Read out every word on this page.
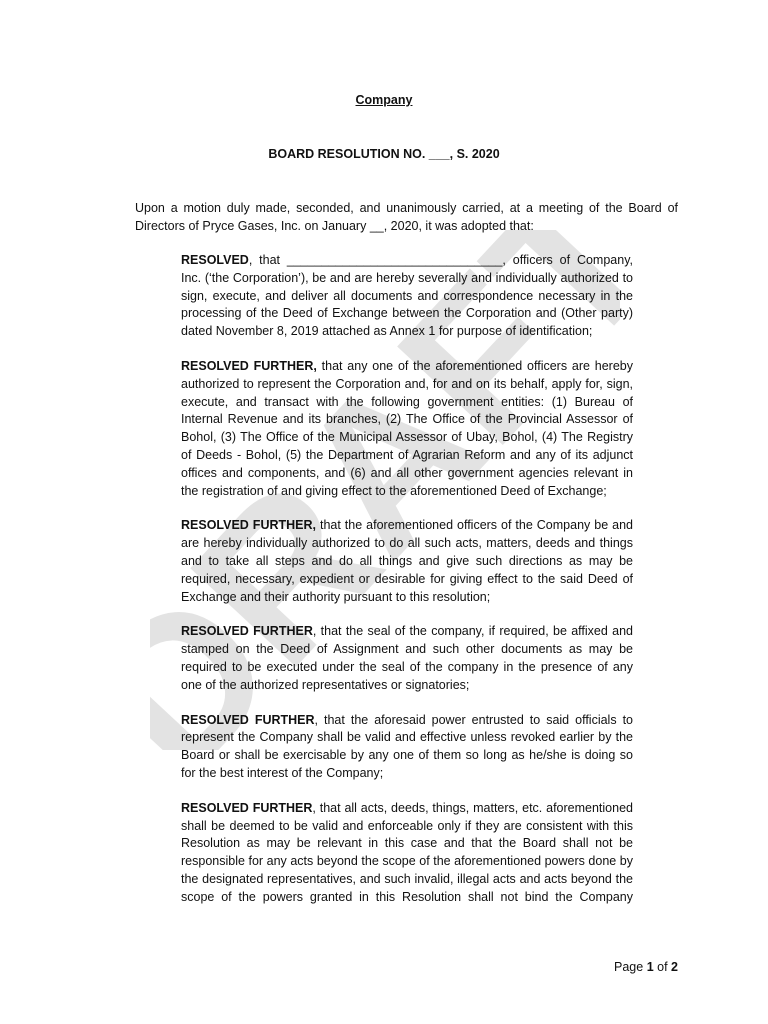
DRAFT
Company
BOARD RESOLUTION NO. ___, S. 2020
Upon a motion duly made, seconded, and unanimously carried, at a meeting of the Board of Directors of Pryce Gases, Inc. on January __, 2020, it was adopted that:

RESOLVED, that _______________________________, officers of Company, Inc. (‘the Corporation’), be and are hereby severally and individually authorized to sign, execute, and deliver all documents and correspondence necessary in the processing of the Deed of Exchange between the Corporation and (Other party) dated November 8, 2019 attached as Annex 1 for purpose of identification;

RESOLVED FURTHER, that any one of the aforementioned officers are hereby authorized to represent the Corporation and, for and on its behalf, apply for, sign, execute, and transact with the following government entities: (1) Bureau of Internal Revenue and its branches, (2) The Office of the Provincial Assessor of Bohol, (3) The Office of the Municipal Assessor of Ubay, Bohol, (4) The Registry of Deeds - Bohol, (5) the Department of Agrarian Reform and any of its adjunct offices and components, and (6) and all other government agencies relevant in the registration of and giving effect to the aforementioned Deed of Exchange;

RESOLVED FURTHER, that the aforementioned officers of the Company be and are hereby individually authorized to do all such acts, matters, deeds and things and to take all steps and do all things and give such directions as may be required, necessary, expedient or desirable for giving effect to the said Deed of Exchange and their authority pursuant to this resolution;

RESOLVED FURTHER, that the seal of the company, if required, be affixed and stamped on the Deed of Assignment and such other documents as may be required to be executed under the seal of the company in the presence of any one of the authorized representatives or signatories;

RESOLVED FURTHER, that the aforesaid power entrusted to said officials to represent the Company shall be valid and effective unless revoked earlier by the Board or shall be exercisable by any one of them so long as he/she is doing so for the best interest of the Company;

RESOLVED FURTHER, that all acts, deeds, things, matters, etc. aforementioned shall be deemed to be valid and enforceable only if they are consistent with this Resolution as may be relevant in this case and that the Board shall not be responsible for any acts beyond the scope of the aforementioned powers done by the designated representatives, and such invalid, illegal acts and acts beyond the scope of the powers granted in this Resolution shall not bind the Company

Page 1 of 2
